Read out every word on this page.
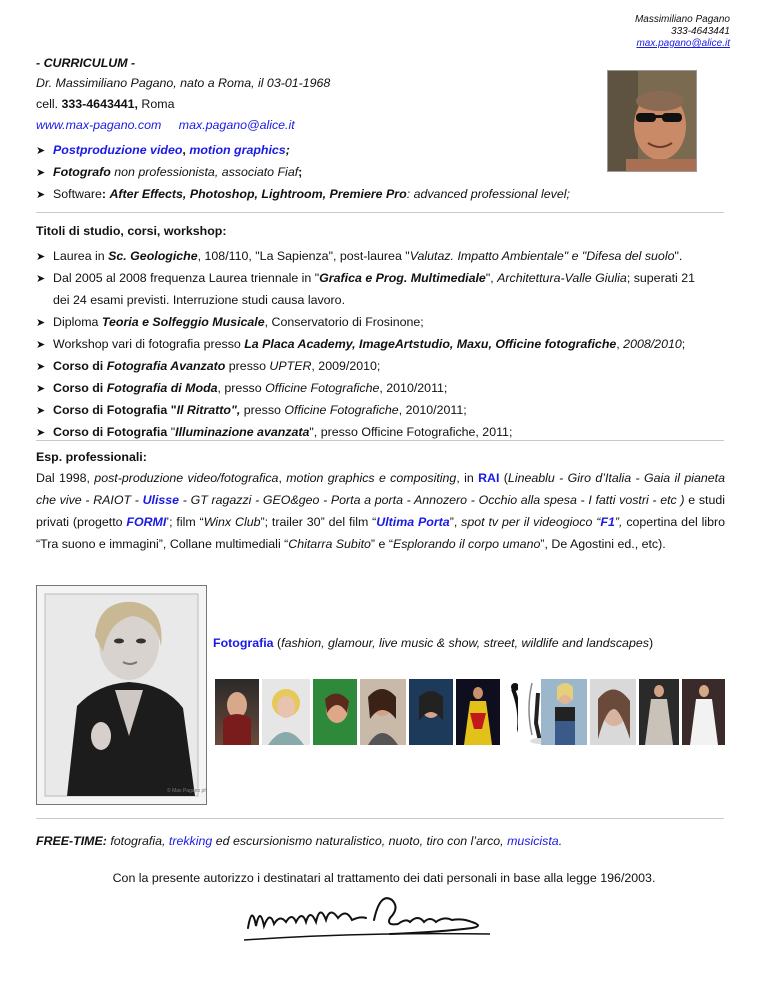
Massimiliano Pagano
333-4643441
max.pagano@alice.it
- CURRICULUM -
Dr. Massimiliano Pagano, nato a Roma, il 03-01-1968
cell. 333-4643441, Roma
www.max-pagano.com max.pagano@alice.it
➤ Postproduzione video, motion graphics;
➤ Fotografo non professionista, associato Fiaf;
➤ Software: After Effects, Photoshop, Lightroom, Premiere Pro: advanced professional level;
Titoli di studio, corsi, workshop:
➤ Laurea in Sc. Geologiche, 108/110, "La Sapienza", post-laurea "Valutaz. Impatto Ambientale" e "Difesa del suolo".
➤ Dal 2005 al 2008 frequenza Laurea triennale in "Grafica e Prog. Multimediale", Architettura-Valle Giulia; superati 21
dei 24 esami previsti. Interruzione studi causa lavoro.
➤ Diploma Teoria e Solfeggio Musicale, Conservatorio di Frosinone;
➤ Workshop vari di fotografia presso La Placa Academy, ImageArtstudio, Maxu, Officine fotografiche, 2008/2010;
➤ Corso di Fotografia Avanzato presso UPTER, 2009/2010;
➤ Corso di Fotografia di Moda, presso Officine Fotografiche, 2010/2011;
➤ Corso di Fotografia "Il Ritratto", presso Officine Fotografiche, 2010/2011;
➤ Corso di Fotografia "Illuminazione avanzata", presso Officine Fotografiche, 2011;
Esp. professionali:
Dal 1998, post-produzione video/fotografica, motion graphics e compositing, in RAI (Lineablu - Giro d’Italia - Gaia il pianeta che vive - RAIOT - Ulisse - GT ragazzi - GEO&geo - Porta a porta - Annozero - Occhio alla spesa - I fatti vostri - etc ) e studi privati (progetto FORMI’; film “Winx Club”; trailer 30” del film “Ultima Porta”, spot tv per il videogioco “F1”, copertina del libro “Tra suono e immagini”, Collane multimediali “Chitarra Subito” e “Esplorando il corpo umano”, De Agostini ed., etc).
© Max Pagano ph
Fotografia (fashion, glamour, live music & show, street, wildlife and landscapes)
FREE-TIME: fotografia, trekking ed escursionismo naturalistico, nuoto, tiro con l’arco, musicista.
Con la presente autorizzo i destinatari al trattamento dei dati personali in base alla legge 196/2003.
